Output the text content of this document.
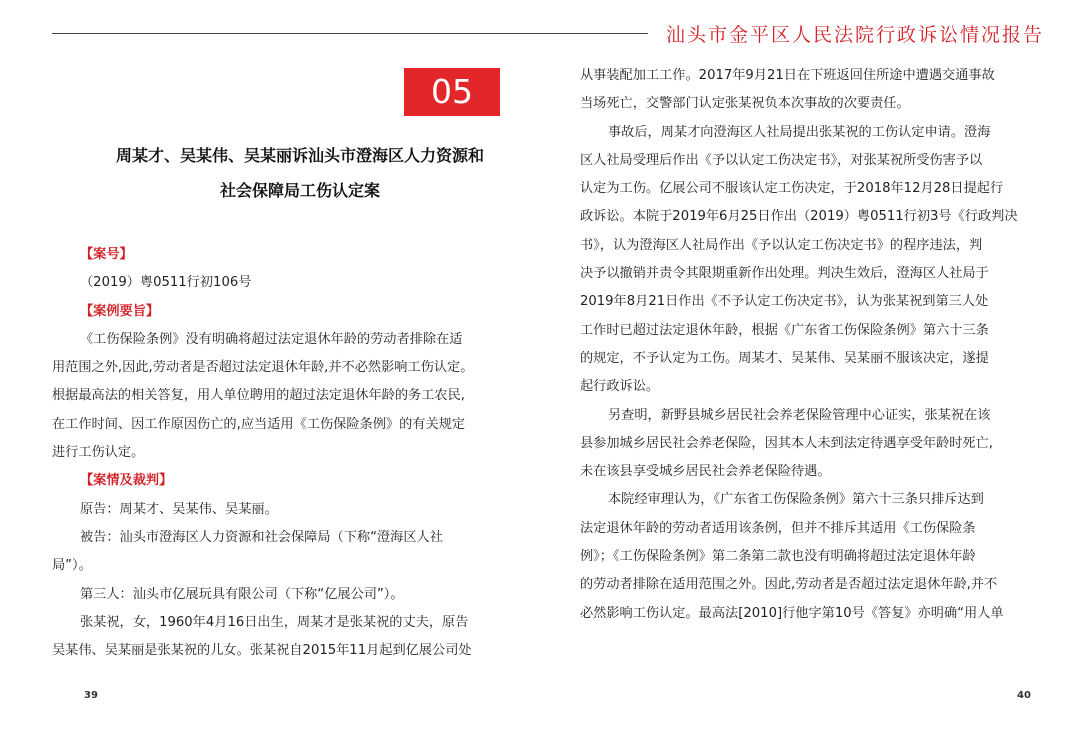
汕头市金平区人民法院行政诉讼情况报告
05
周某才、吴某伟、吴某丽诉汕头市澄海区人力资源和
社会保障局工伤认定案
【案号】
（2019）粤0511行初106号
【案例要旨】
《工伤保险条例》没有明确将超过法定退休年龄的劳动者排除在适
用范围之外,因此,劳动者是否超过法定退休年龄,并不必然影响工伤认定。
根据最高法的相关答复，用人单位聘用的超过法定退休年龄的务工农民,
在工作时间、因工作原因伤亡的,应当适用《工伤保险条例》的有关规定
进行工伤认定。
【案情及裁判】
原告：周某才、吴某伟、吴某丽。
被告：汕头市澄海区人力资源和社会保障局（下称“澄海区人社
局”）。
第三人：汕头市亿展玩具有限公司（下称“亿展公司”）。
张某祝，女，1960年4月16日出生，周某才是张某祝的丈夫，原告
吴某伟、吴某丽是张某祝的儿女。张某祝自2015年11月起到亿展公司处
从事装配加工工作。2017年9月21日在下班返回住所途中遭遇交通事故
当场死亡，交警部门认定张某祝负本次事故的次要责任。
事故后，周某才向澄海区人社局提出张某祝的工伤认定申请。澄海
区人社局受理后作出《予以认定工伤决定书》，对张某祝所受伤害予以
认定为工伤。亿展公司不服该认定工伤决定，于2018年12月28日提起行
政诉讼。本院于2019年6月25日作出（2019）粤0511行初3号《行政判决
书》，认为澄海区人社局作出《予以认定工伤决定书》的程序违法，判
决予以撤销并责令其限期重新作出处理。判决生效后，澄海区人社局于
2019年8月21日作出《不予认定工伤决定书》，认为张某祝到第三人处
工作时已超过法定退休年龄，根据《广东省工伤保险条例》第六十三条
的规定，不予认定为工伤。周某才、吴某伟、吴某丽不服该决定，遂提
起行政诉讼。
另查明，新野县城乡居民社会养老保险管理中心证实，张某祝在该
县参加城乡居民社会养老保险，因其本人未到法定待遇享受年龄时死亡,
未在该县享受城乡居民社会养老保险待遇。
本院经审理认为，《广东省工伤保险条例》第六十三条只排斥达到
法定退休年龄的劳动者适用该条例，但并不排斥其适用《工伤保险条
例》；《工伤保险条例》第二条第二款也没有明确将超过法定退休年龄
的劳动者排除在适用范围之外。因此,劳动者是否超过法定退休年龄,并不
必然影响工伤认定。最高法[2010]行他字第10号《答复》亦明确“用人单
39	40
